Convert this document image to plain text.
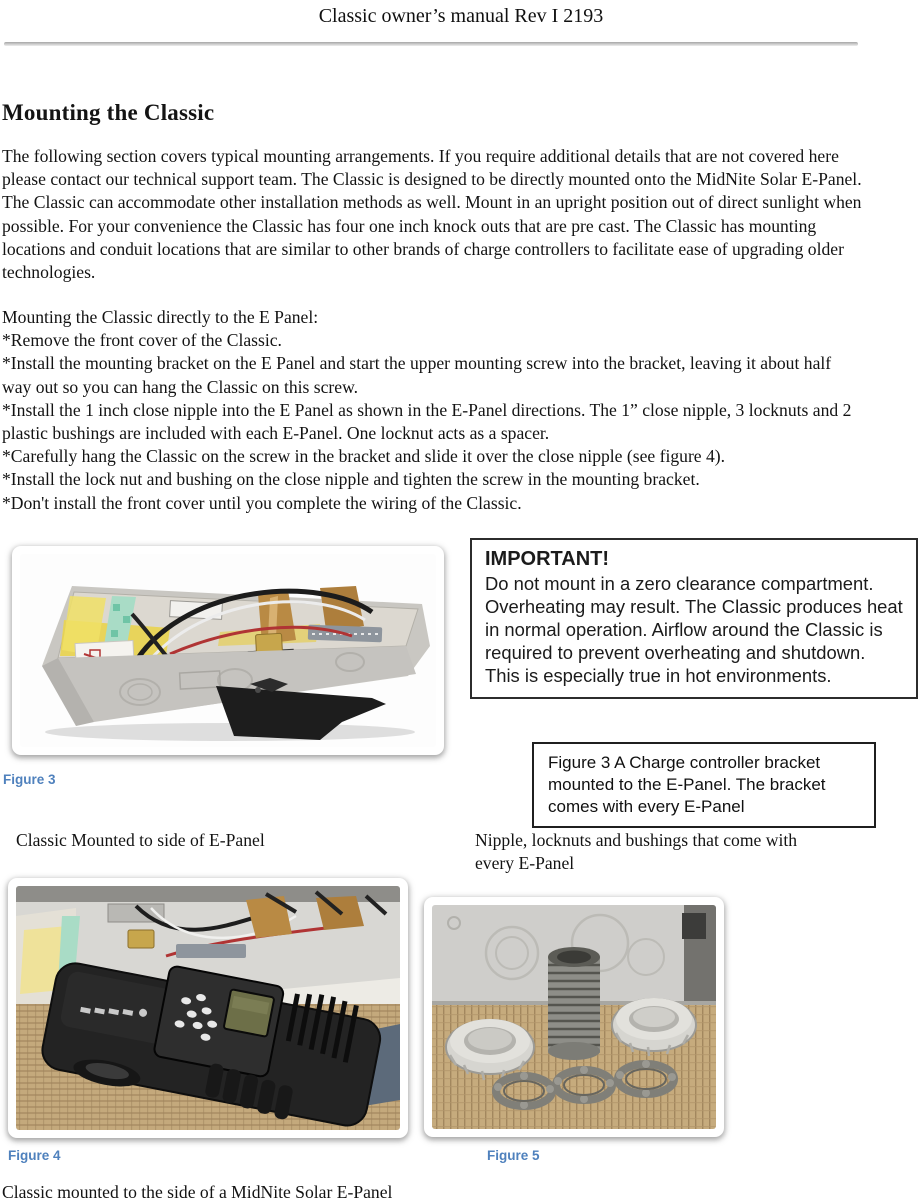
Classic owner’s manual Rev I 2193
Mounting the Classic
The following section covers typical mounting arrangements. If you require additional details that are not covered here please contact our technical support team. The Classic is designed to be directly mounted onto the MidNite Solar E-Panel. The Classic can accommodate other installation methods as well. Mount in an upright position out of direct sunlight when possible. For your convenience the Classic has four one inch knock outs that are pre cast. The Classic has mounting locations and conduit locations that are similar to other brands of charge controllers to facilitate ease of upgrading older technologies.
Mounting the Classic directly to the E Panel:
*Remove the front cover of the Classic.
*Install the mounting bracket on the E Panel and start the upper mounting screw into the bracket, leaving it about half way out so you can hang the Classic on this screw.
*Install the 1 inch close nipple into the E Panel as shown in the E-Panel directions. The 1” close nipple, 3 locknuts and 2 plastic bushings are included with each E-Panel. One locknut acts as a spacer.
*Carefully hang the Classic on the screw in the bracket and slide it over the close nipple (see figure 4).
*Install the lock nut and bushing on the close nipple and tighten the screw in the mounting bracket.
*Don't install the front cover until you complete the wiring of the Classic.
IMPORTANT!
Do not mount in a zero clearance compartment. Overheating may result. The Classic produces heat in normal operation. Airflow around the Classic is required to prevent overheating and shutdown. This is especially true in hot environments.
Figure 3 A Charge controller bracket mounted to the E-Panel. The bracket comes with every E-Panel
Figure 3
Classic Mounted to side of E-Panel	Nipple, locknuts and bushings that come with every E-Panel
Figure 4	Figure 5
Classic mounted to the side of a MidNite Solar E-Panel
